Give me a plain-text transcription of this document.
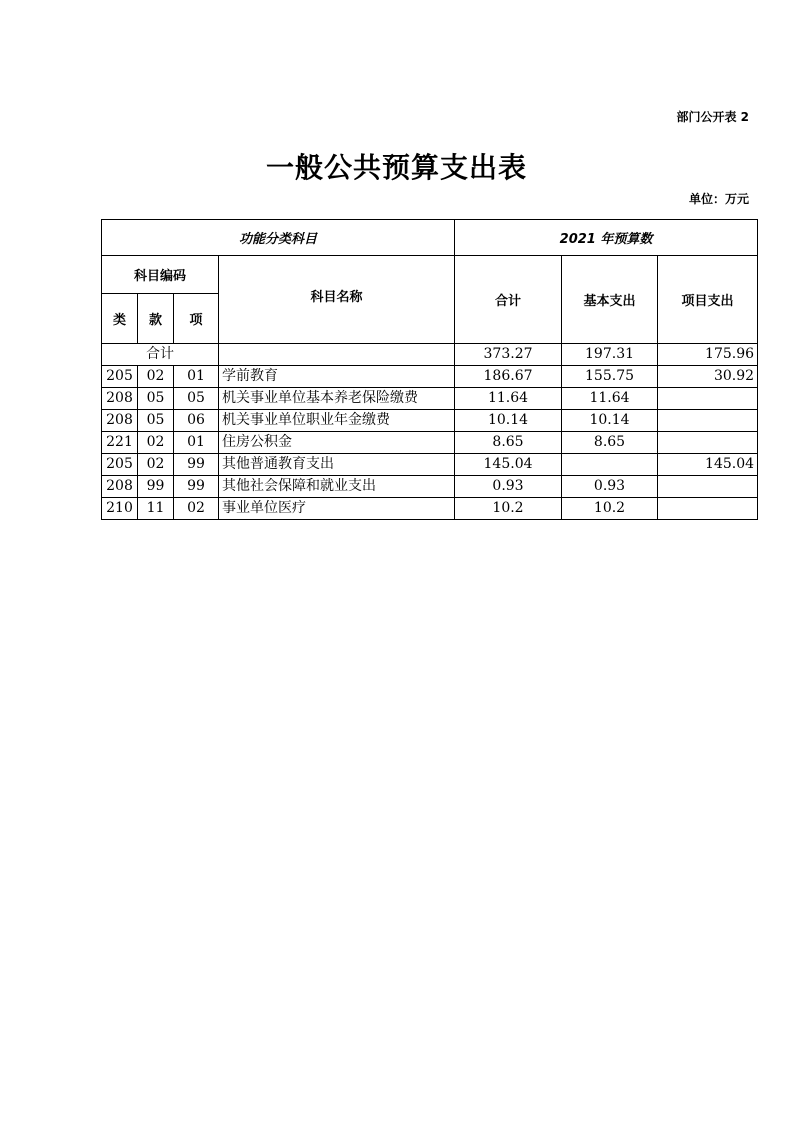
部门公开表 2
一般公共预算支出表
单位：万元
功能分类科目				2021 年预算数		
科目编码			科目名称	合计	基本支出	项目支出
类	款	项				
合计				373.27	197.31	175.96
205	02	01	学前教育	186.67	155.75	30.92
208	05	05	机关事业单位基本养老保险缴费	11.64	11.64	
208	05	06	机关事业单位职业年金缴费	10.14	10.14	
221	02	01	住房公积金	8.65	8.65	
205	02	99	其他普通教育支出	145.04		145.04
208	99	99	其他社会保障和就业支出	0.93	0.93	
210	11	02	事业单位医疗	10.2	10.2	
